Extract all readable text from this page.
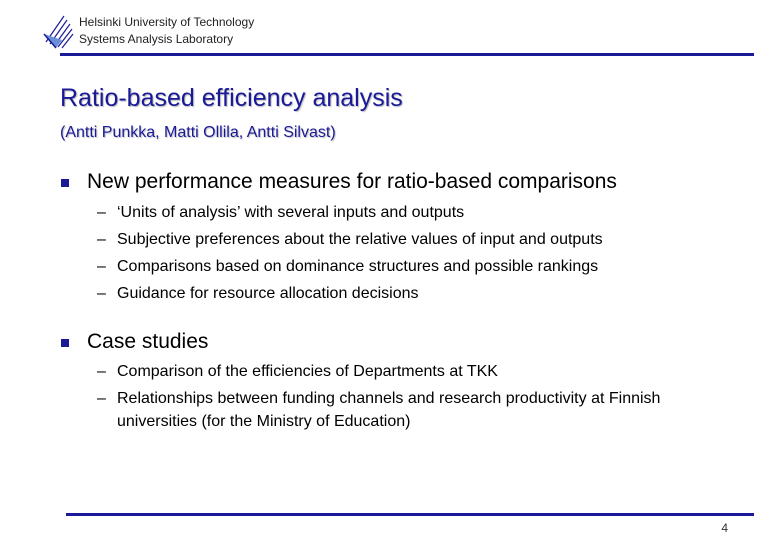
Helsinki University of Technology
Systems Analysis Laboratory
Ratio-based efficiency analysis
(Antti Punkka, Matti Ollila, Antti Silvast)
New performance measures for ratio-based comparisons
– ‘Units of analysis’ with several inputs and outputs
– Subjective preferences about the relative values of input and outputs
– Comparisons based on dominance structures and possible rankings
– Guidance for resource allocation decisions
Case studies
– Comparison of the efficiencies of Departments at TKK
– Relationships between funding channels and research productivity at Finnish
universities (for the Ministry of Education)
4
